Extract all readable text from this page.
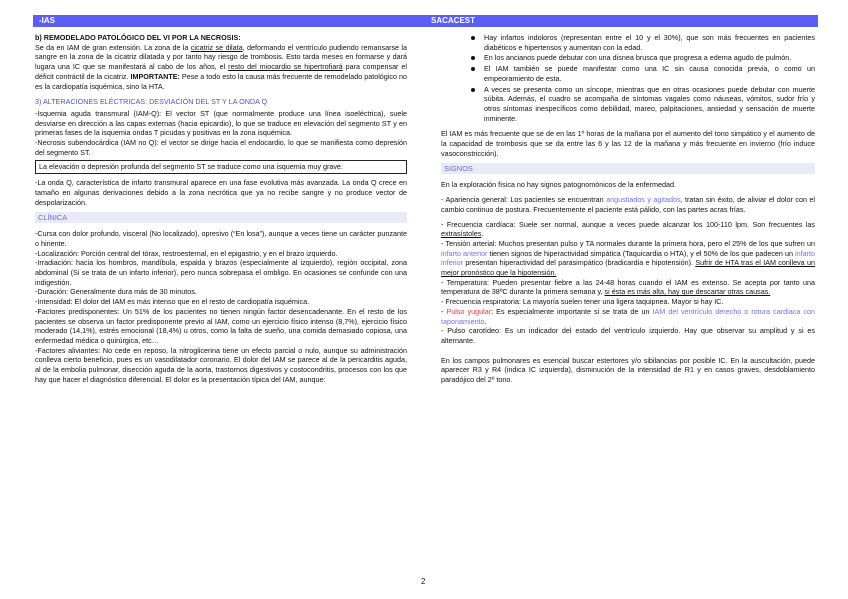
-IAS	SACACEST

b) REMODELADO PATOLÓGICO DEL VI POR LA NECROSIS:

Se da en IAM de gran extensión. La zona de la cicatriz se dilata, deformando el ventrículo pudiendo remansarse la sangre en la zona de la cicatriz dilatada y por tanto hay riesgo de trombosis. Esto tarda meses en formarse y dará lugara una IC que se manifestará al cabo de los años, el resto del miocardio se hipertrofiará para compensar el déficit contráctil de la cicatriz. IMPORTANTE: Pese a todo esto la causa más frecuente de remodelado patológico no es la cardiopatía isquémica, sino la HTA.

3) ALTERACIONES ELÉCTRICAS: DESVIACIÓN DEL ST Y LA ONDA Q

-Isquemia aguda transmural (IAM-Q): El vector ST (que normalmente produce una línea isoeléctrica), suele desviarse en dirección a las capas externas (hacia epicardio), lo que se traduce en elevación del segmento ST y en primeras fases de la isquemia ondas T picudas y positivas en la zona isquémica.

-Necrosis subendocárdica (IAM no Q): el vector se dirige hacia el endocardio, lo que se manifiesta como depresión del segmento ST.

La elevación o depresión profunda del segmento ST se traduce como una isquemia muy grave.

-La onda Q, característica de infarto transmural aparece en una fase evolutiva más avanzada. La onda Q crece en tamaño en algunas derivaciones debido a la zona necrótica que ya no recibe sangre y no produce vector de despolarización.

CLÍNICA

-Cursa con dolor profundo, visceral (No localizado), opresivo (“En losa”), aunque a veces tiene un carácter punzante o hiriente.

-Localización: Porción central del tórax, restroesternal, en el epigastrio, y en el brazo izquierdo.

-Irradiación: hacia los hombros, mandíbula, espalda y brazos (especialmente al izquierdo), región occipital, zona abdominal (Si se trata de un infarto inferior), pero nunca sobrepasa el ombligo. En ocasiones se confunde con una indigestión.

-Duración: Generalmente dura más de 30 minutos.

-Intensidad: El dolor del IAM es más intenso que en el resto de cardiopatía isquémica.

-Factores predisponentes: Un 51% de los pacientes no tienen ningún factor desencadenante. En el resto de los pacientes se observa un factor predisponente previo al IAM, como un ejercicio físico intenso (8,7%), ejercicio físico moderado (14,1%), estrés emocional (18,4%) u otros, como la falta de sueño, una comida demasiado copiosa, una enfermedad médica o quirúrgica, etc…

-Factores aliviantes: No cede en reposo, la nitroglicerina tiene un efecto parcial o nulo, aunque su administración conlleva cierto beneficio, pues es un vasodilatador coronario. El dolor del IAM se parece al de la pericarditis aguda, al de la embolia pulmonar, disección aguda de la aorta, trastornos digestivos y costocondritis, procesos con los que hay que hacer el diagnóstico diferencial. El dolor es la presentación típica del IAM, aunque:

Hay infartos indoloros (representan entre el 10 y el 30%), que son más frecuentes en pacientes diabéticos e hipertensos y aumentan con la edad.
En los ancianos puede debutar con una disnea brusca que progresa a edema agudo de pulmón.
El IAM también se puede manifestar como una IC sin causa conocida previa, o como un empeoramiento de esta.
A veces se presenta como un síncope, mientras que en otras ocasiones puede debutar con muerte súbita. Además, el cuadro se acompaña de síntomas vagales como náuseas, vómitos, sudor frío y otros síntomas inespecíficos como debilidad, mareo, palpitaciones, ansiedad y sensación de muerte inminente.

El IAM es más frecuente que se de en las 1º horas de la mañana por el aumento del tono simpático y el aumento de la capacidad de trombosis que se da entre las 6 y las 12 de la mañana y más frecuente en invierno (frío induce vasoconstricción).

SIGNOS

En la exploración física no hay signos patognomónicos de la enfermedad.

- Apariencia general: Los pacientes se encuentran angustiados y agitados, tratan sin éxito, de aliviar el dolor con el cambio continuo de postura. Frecuentemente el paciente está pálido, con las partes acras frías.

- Frecuencia cardíaca: Suele ser normal, aunque a veces puede alcanzar los 100-110 lpm. Son frecuentes las extrasístoles.

- Tensión arterial: Muchos presentan pulso y TA normales durante la primera hora, pero el 25% de los que sufren un infarto anterior tienen signos de hiperactividad simpática (Taquicardia o HTA), y el 50% de los que padecen un infarto inferior presentan hiperactividad del parasimpático (bradicardia e hipotensión). Sufrir de HTA tras el IAM conlleva un mejor pronóstico que la hipotensión.

- Temperatura: Pueden presentar fiebre a las 24-48 horas cuando el IAM es extenso. Se acepta por tanto una temperatura de 38ºC durante la primera semana y, si ésta es más alta, hay que descartar otras causas.

- Frecuencia respiratoria: La mayoría suelen tener una ligera taquipnea. Mayor si hay IC.

- Pulso yugular: Es especialmente importante si se trata de un IAM del ventrículo derecho o rotura cardiaca con taponamiento.

- Pulso carotídeo: Es un indicador del estado del ventrículo izquierdo. Hay que observar su amplitud y si es alternante.

En los campos pulmonares es esencial buscar estertores y/o sibilancias por posible IC. En la auscultación, puede aparecer R3 y R4 (indica IC izquierda), disminución de la intensidad de R1 y en casos graves, desdoblamiento paradójico del 2º tono.

2
